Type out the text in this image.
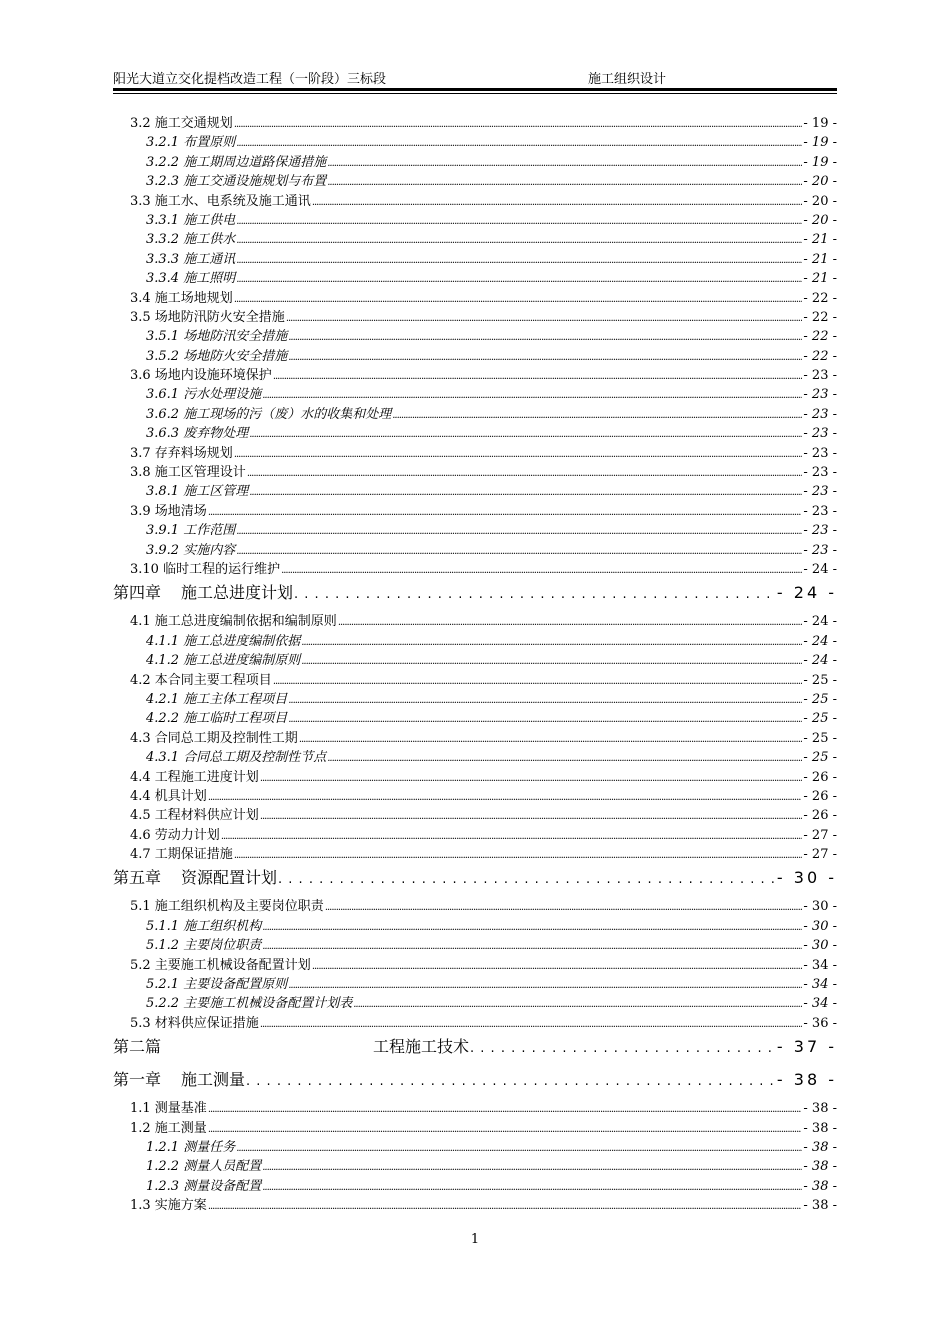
阳光大道立交化提档改造工程（一阶段）三标段	施工组织设计
3.2 施工交通规划 .....	- 19 -
3.2.1 布置原则 .....	- 19 -
3.2.2 施工期周边道路保通措施 .....	- 19 -
3.2.3 施工交通设施规划与布置 .....	- 20 -
3.3 施工水、电系统及施工通讯 .....	- 20 -
3.3.1 施工供电 .....	- 20 -
3.3.2 施工供水 .....	- 21 -
3.3.3 施工通讯 .....	- 21 -
3.3.4 施工照明 .....	- 21 -
3.4 施工场地规划 .....	- 22 -
3.5 场地防汛防火安全措施 .....	- 22 -
3.5.1 场地防汛安全措施 .....	- 22 -
3.5.2 场地防火安全措施 .....	- 22 -
3.6 场地内设施环境保护 .....	- 23 -
3.6.1 污水处理设施 .....	- 23 -
3.6.2 施工现场的污（废）水的收集和处理 .....	- 23 -
3.6.3 废弃物处理 .....	- 23 -
3.7 存弃料场规划 .....	- 23 -
3.8 施工区管理设计 .....	- 23 -
3.8.1 施工区管理 .....	- 23 -
3.9 场地清场 .....	- 23 -
3.9.1 工作范围 .....	- 23 -
3.9.2 实施内容 .....	- 23 -
3.10 临时工程的运行维护 .....	- 24 -
第四章 施工总进度计划 . . .	- 24 -
4.1 施工总进度编制依据和编制原则 .....	- 24 -
4.1.1 施工总进度编制依据 .....	- 24 -
4.1.2 施工总进度编制原则 .....	- 24 -
4.2 本合同主要工程项目 .....	- 25 -
4.2.1 施工主体工程项目 .....	- 25 -
4.2.2 施工临时工程项目 .....	- 25 -
4.3 合同总工期及控制性工期 .....	- 25 -
4.3.1 合同总工期及控制性节点 .....	- 25 -
4.4 工程施工进度计划 .....	- 26 -
4.4 机具计划 .....	- 26 -
4.5 工程材料供应计划 .....	- 26 -
4.6 劳动力计划 .....	- 27 -
4.7 工期保证措施 .....	- 27 -
第五章 资源配置计划 . . .	- 30 -
5.1 施工组织机构及主要岗位职责 .....	- 30 -
5.1.1 施工组织机构 .....	- 30 -
5.1.2 主要岗位职责 .....	- 30 -
5.2 主要施工机械设备配置计划 .....	- 34 -
5.2.1 主要设备配置原则 .....	- 34 -
5.2.2 主要施工机械设备配置计划表 .....	- 34 -
5.3 材料供应保证措施 .....	- 36 -
第二篇	工程施工技术 . . .	- 37 -
第一章 施工测量 . . .	- 38 -
1.1 测量基准 .....	- 38 -
1.2 施工测量 .....	- 38 -
1.2.1 测量任务 .....	- 38 -
1.2.2 测量人员配置 .....	- 38 -
1.2.3 测量设备配置 .....	- 38 -
1.3 实施方案 .....	- 38 -
1
